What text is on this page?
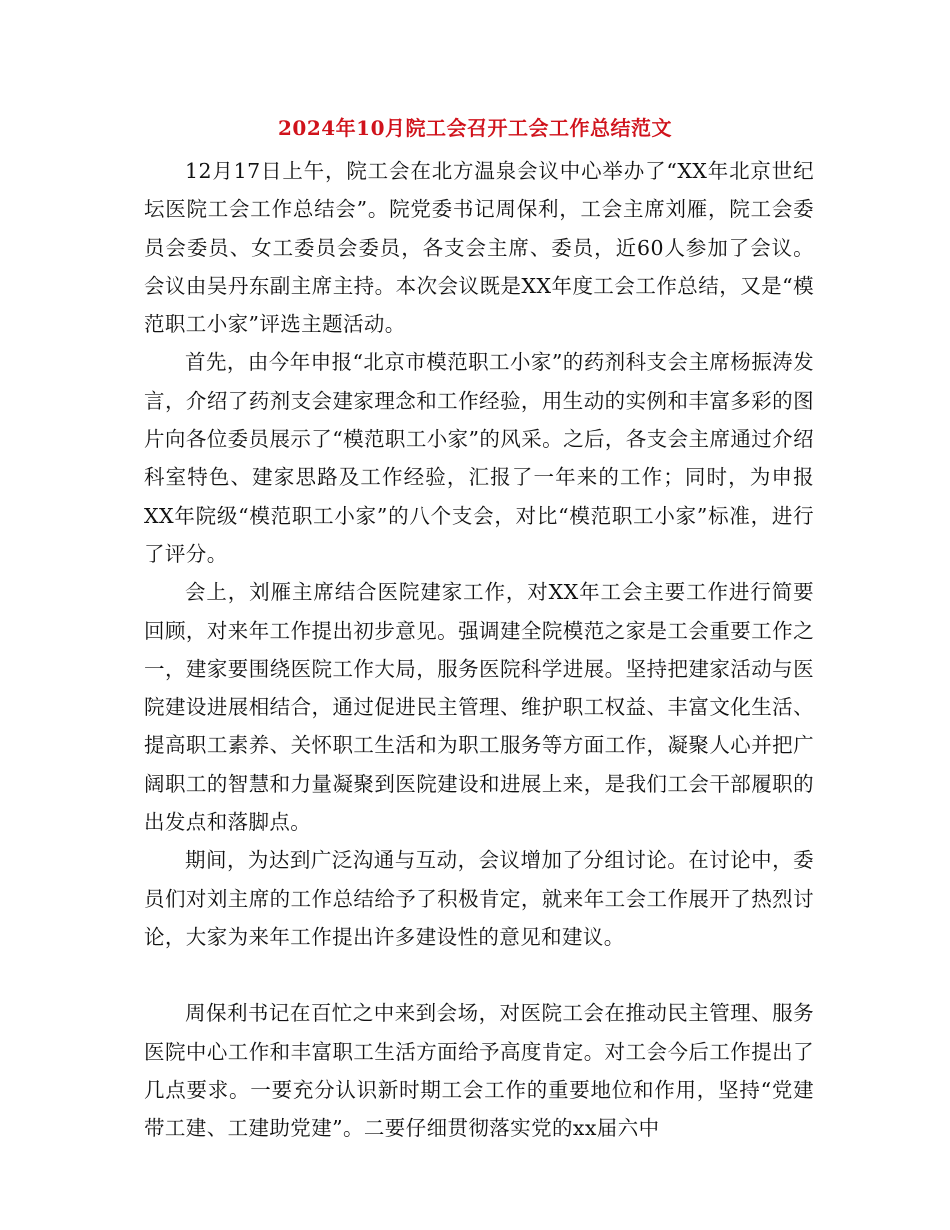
2024年10月院工会召开工会工作总结范文

12月17日上午，院工会在北方温泉会议中心举办了“XX年北京世纪坛医院工会工作总结会”。院党委书记周保利，工会主席刘雁，院工会委员会委员、女工委员会委员，各支会主席、委员，近60人参加了会议。会议由吴丹东副主席主持。本次会议既是XX年度工会工作总结，又是“模范职工小家”评选主题活动。

首先，由今年申报“北京市模范职工小家”的药剂科支会主席杨振涛发言，介绍了药剂支会建家理念和工作经验，用生动的实例和丰富多彩的图片向各位委员展示了“模范职工小家”的风采。之后，各支会主席通过介绍科室特色、建家思路及工作经验，汇报了一年来的工作；同时，为申报XX年院级“模范职工小家”的八个支会，对比“模范职工小家”标准，进行了评分。

会上，刘雁主席结合医院建家工作，对XX年工会主要工作进行简要回顾，对来年工作提出初步意见。强调建全院模范之家是工会重要工作之一，建家要围绕医院工作大局，服务医院科学进展。坚持把建家活动与医院建设进展相结合，通过促进民主管理、维护职工权益、丰富文化生活、提高职工素养、关怀职工生活和为职工服务等方面工作，凝聚人心并把广阔职工的智慧和力量凝聚到医院建设和进展上来，是我们工会干部履职的出发点和落脚点。

期间，为达到广泛沟通与互动，会议增加了分组讨论。在讨论中，委员们对刘主席的工作总结给予了积极肯定，就来年工会工作展开了热烈讨论，大家为来年工作提出许多建设性的意见和建议。

周保利书记在百忙之中来到会场，对医院工会在推动民主管理、服务医院中心工作和丰富职工生活方面给予高度肯定。对工会今后工作提出了几点要求。一要充分认识新时期工会工作的重要地位和作用，坚持“党建带工建、工建助党建”。二要仔细贯彻落实党的xx届六中
